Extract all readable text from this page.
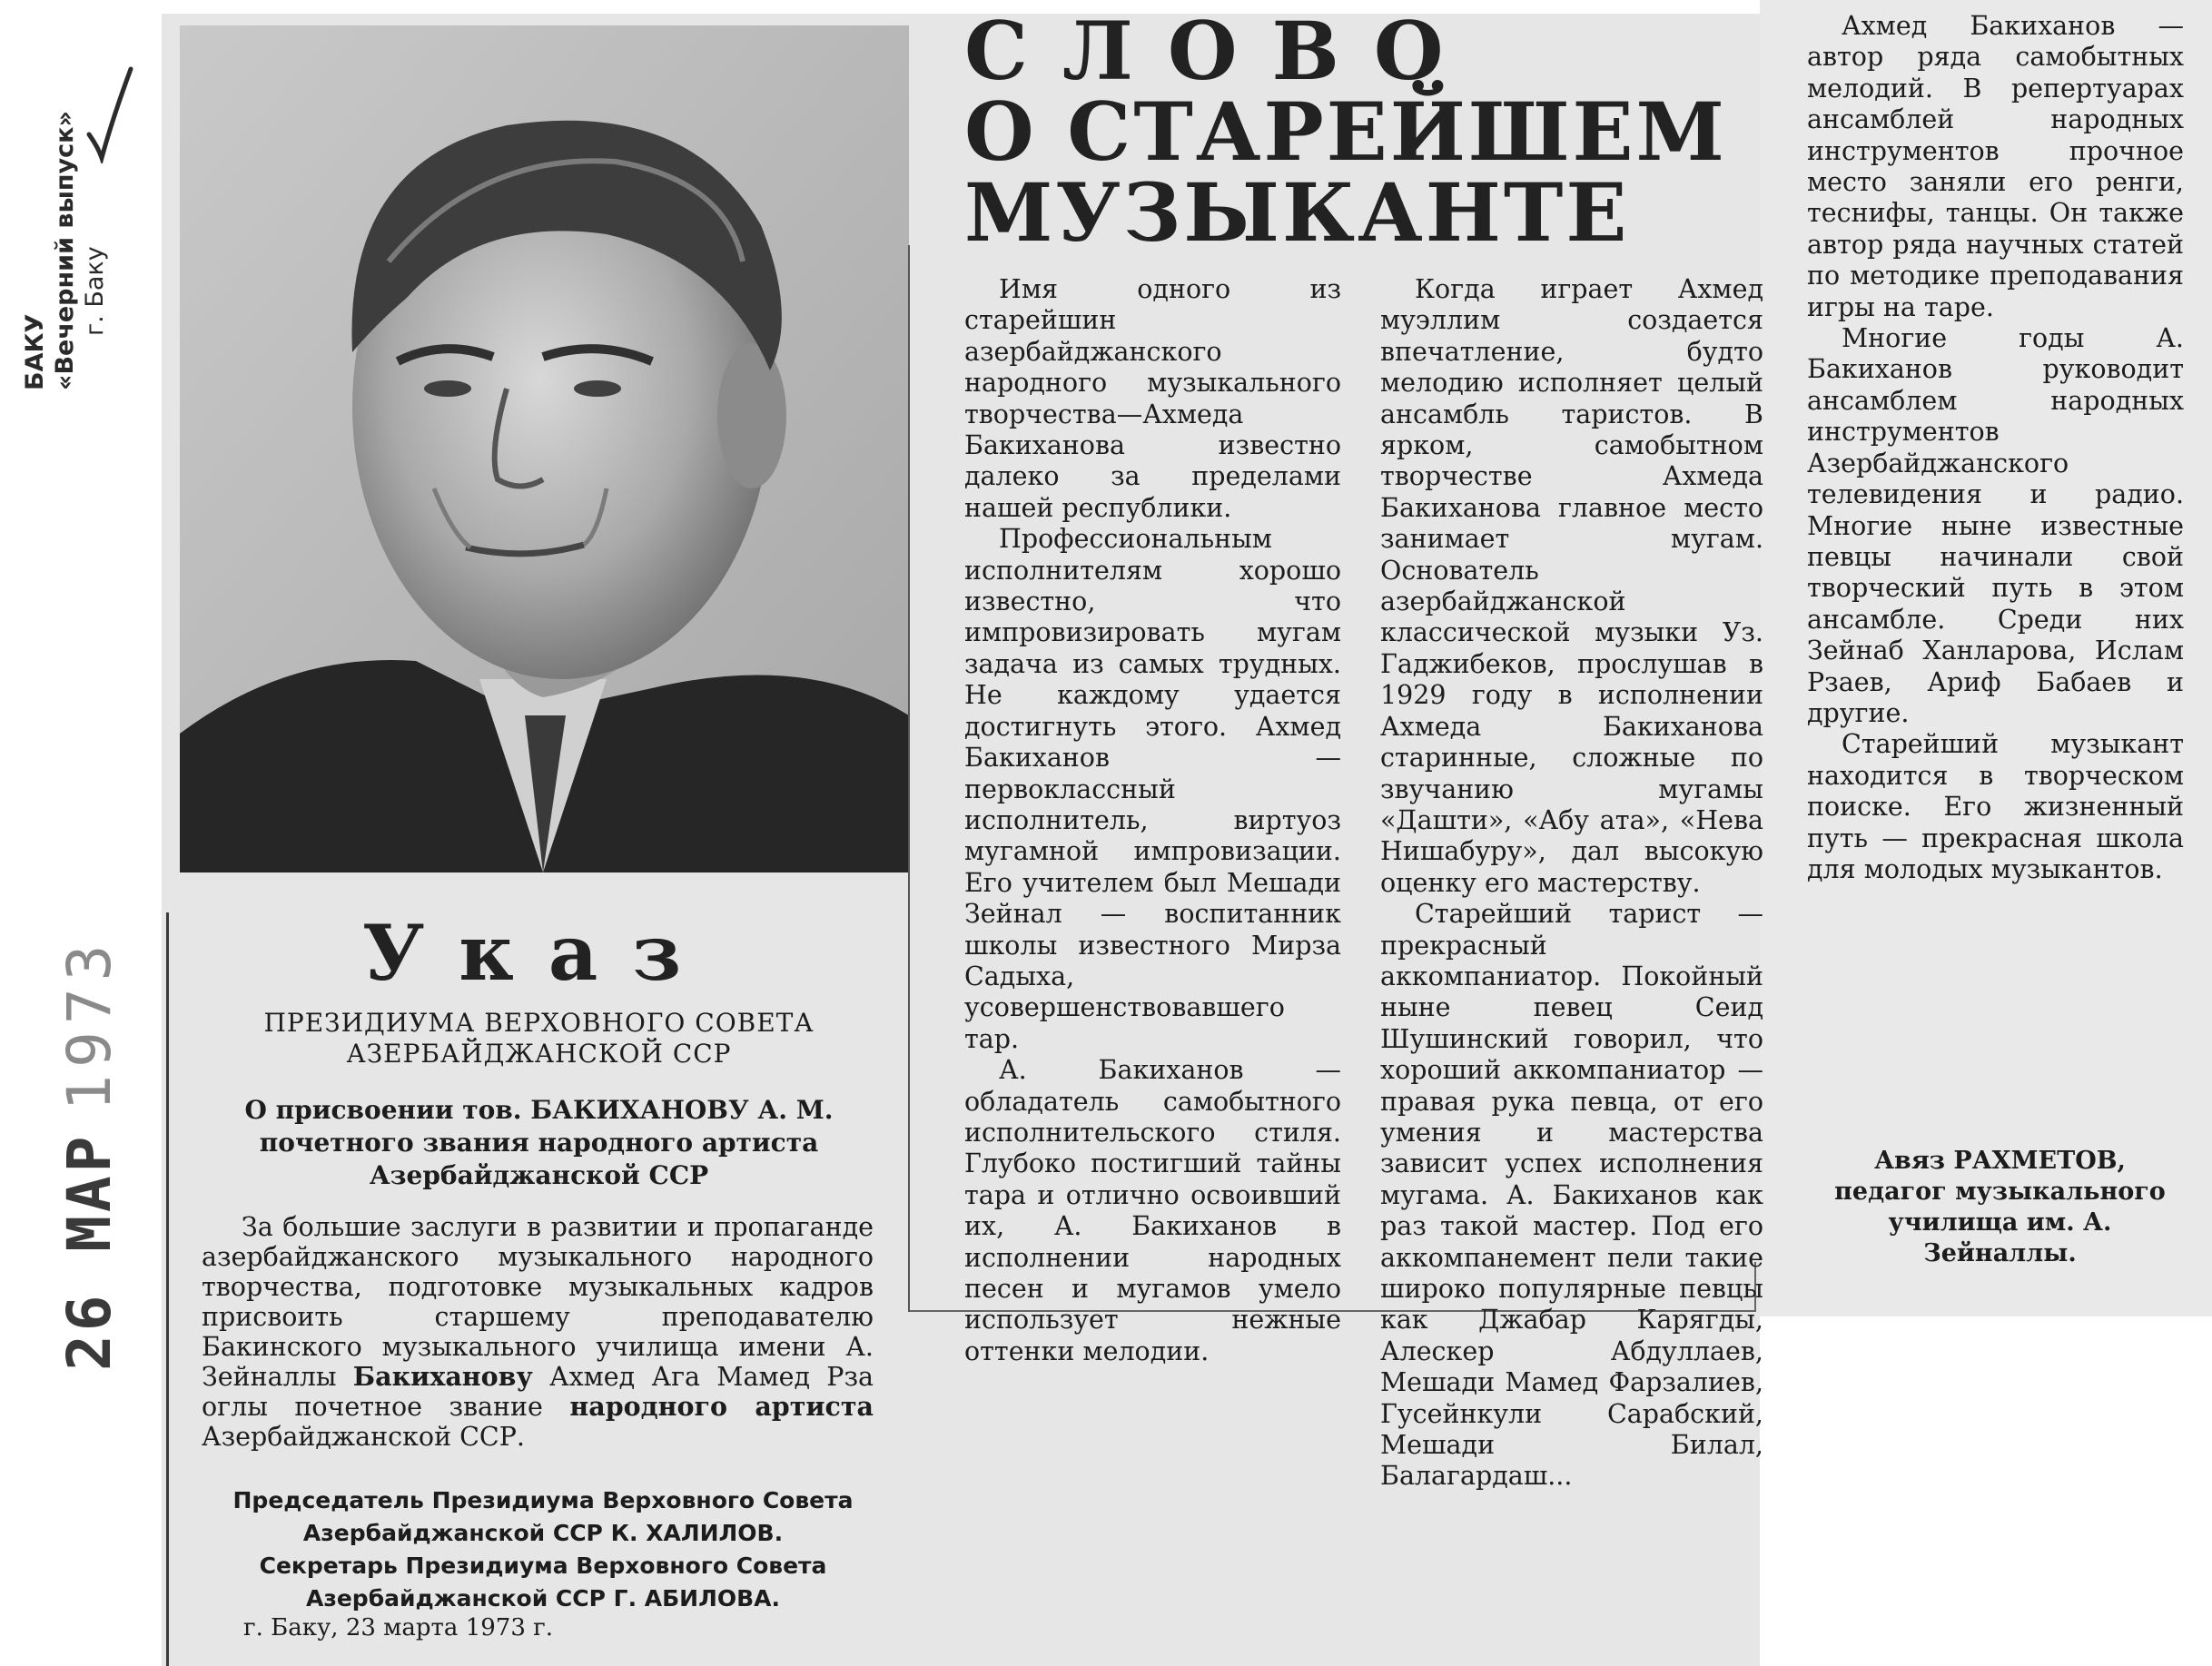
БАКУ «Вечерний выпуск» г. Баку
26 МАР1973	Указ
ПРЕЗИДИУМА ВЕРХОВНОГО СОВЕТА АЗЕРБАЙДЖАНСКОЙ ССР
О присвоении тов. БАКИХАНОВУ А. М. почетного звания народного артиста Азербайджанской ССР
За большие заслуги в развитии и пропаганде азербайджанского музыкального народного творчества, подготовке музыкальных кадров присвоить старшему преподавателю Бакинского музыкального училища имени А. Зейналлы Бакиханову Ахмед Ага Мамед Рза оглы почетное звание народного артиста Азербайджанской ССР.
Председатель Президиума Верховного Совета Азербайджанской ССР К. ХАЛИЛОВ.
Секретарь Президиума Верховного Совета Азербайджанской ССР Г. АБИЛОВА.
г. Баку, 23 марта 1973 г.
СЛОВО
О СТАРЕЙШЕМ
МУЗЫКАНТЕ

Имя одного из старейшин азербайджанского народного музыкального творчества—Ахмеда Бакиханова известно далеко за пределами нашей республики.

Профессиональным исполнителям хорошо известно, что импровизировать мугам задача из самых трудных. Не каждому удается достигнуть этого. Ахмед Бакиханов — первоклассный исполнитель, виртуоз мугамной импровизации. Его учителем был Мешади Зейнал — воспитанник школы известного Мирза Садыха, усовершенствовавшего тар.

А. Бакиханов — обладатель самобытного исполнительского стиля. Глубоко постигший тайны тара и отлично освоивший их, А. Бакиханов в исполнении народных песен и мугамов умело использует нежные оттенки мелодии.

Когда играет Ахмед муэллим создается впечатление, будто мелодию исполняет целый ансамбль таристов. В ярком, самобытном творчестве Ахмеда Бакиханова главное место занимает мугам. Основатель азербайджанской классической музыки Уз. Гаджибеков, прослушав в 1929 году в исполнении Ахмеда Бакиханова старинные, сложные по звучанию мугамы «Дашти», «Абу ата», «Нева Нишабуру», дал высокую оценку его мастерству.

Старейший тарист — прекрасный аккомпаниатор. Покойный ныне певец Сеид Шушинский говорил, что хороший аккомпаниатор — правая рука певца, от его умения и мастерства зависит успех исполнения мугама. А. Бакиханов как раз такой мастер. Под его аккомпанемент пели такие широко популярные певцы как Джабар Карягды, Алескер Абдуллаев, Мешади Мамед Фарзалиев, Гусейнкули Сарабский, Мешади Билал, Балагардаш...

Ахмед Бакиханов — автор ряда самобытных мелодий. В репертуарах ансамблей народных инструментов прочное место заняли его ренги, теснифы, танцы. Он также автор ряда научных статей по методике преподавания игры на таре.

Многие годы А. Бакиханов руководит ансамблем народных инструментов Азербайджанского телевидения и радио. Многие ныне известные певцы начинали свой творческий путь в этом ансамбле. Среди них Зейнаб Ханларова, Ислам Рзаев, Ариф Бабаев и другие.

Старейший музыкант находится в творческом поиске. Его жизненный путь — прекрасная школа для молодых музыкантов.

Авяз РАХМЕТОВ, педагог музыкального училища им. А. Зейналлы.
